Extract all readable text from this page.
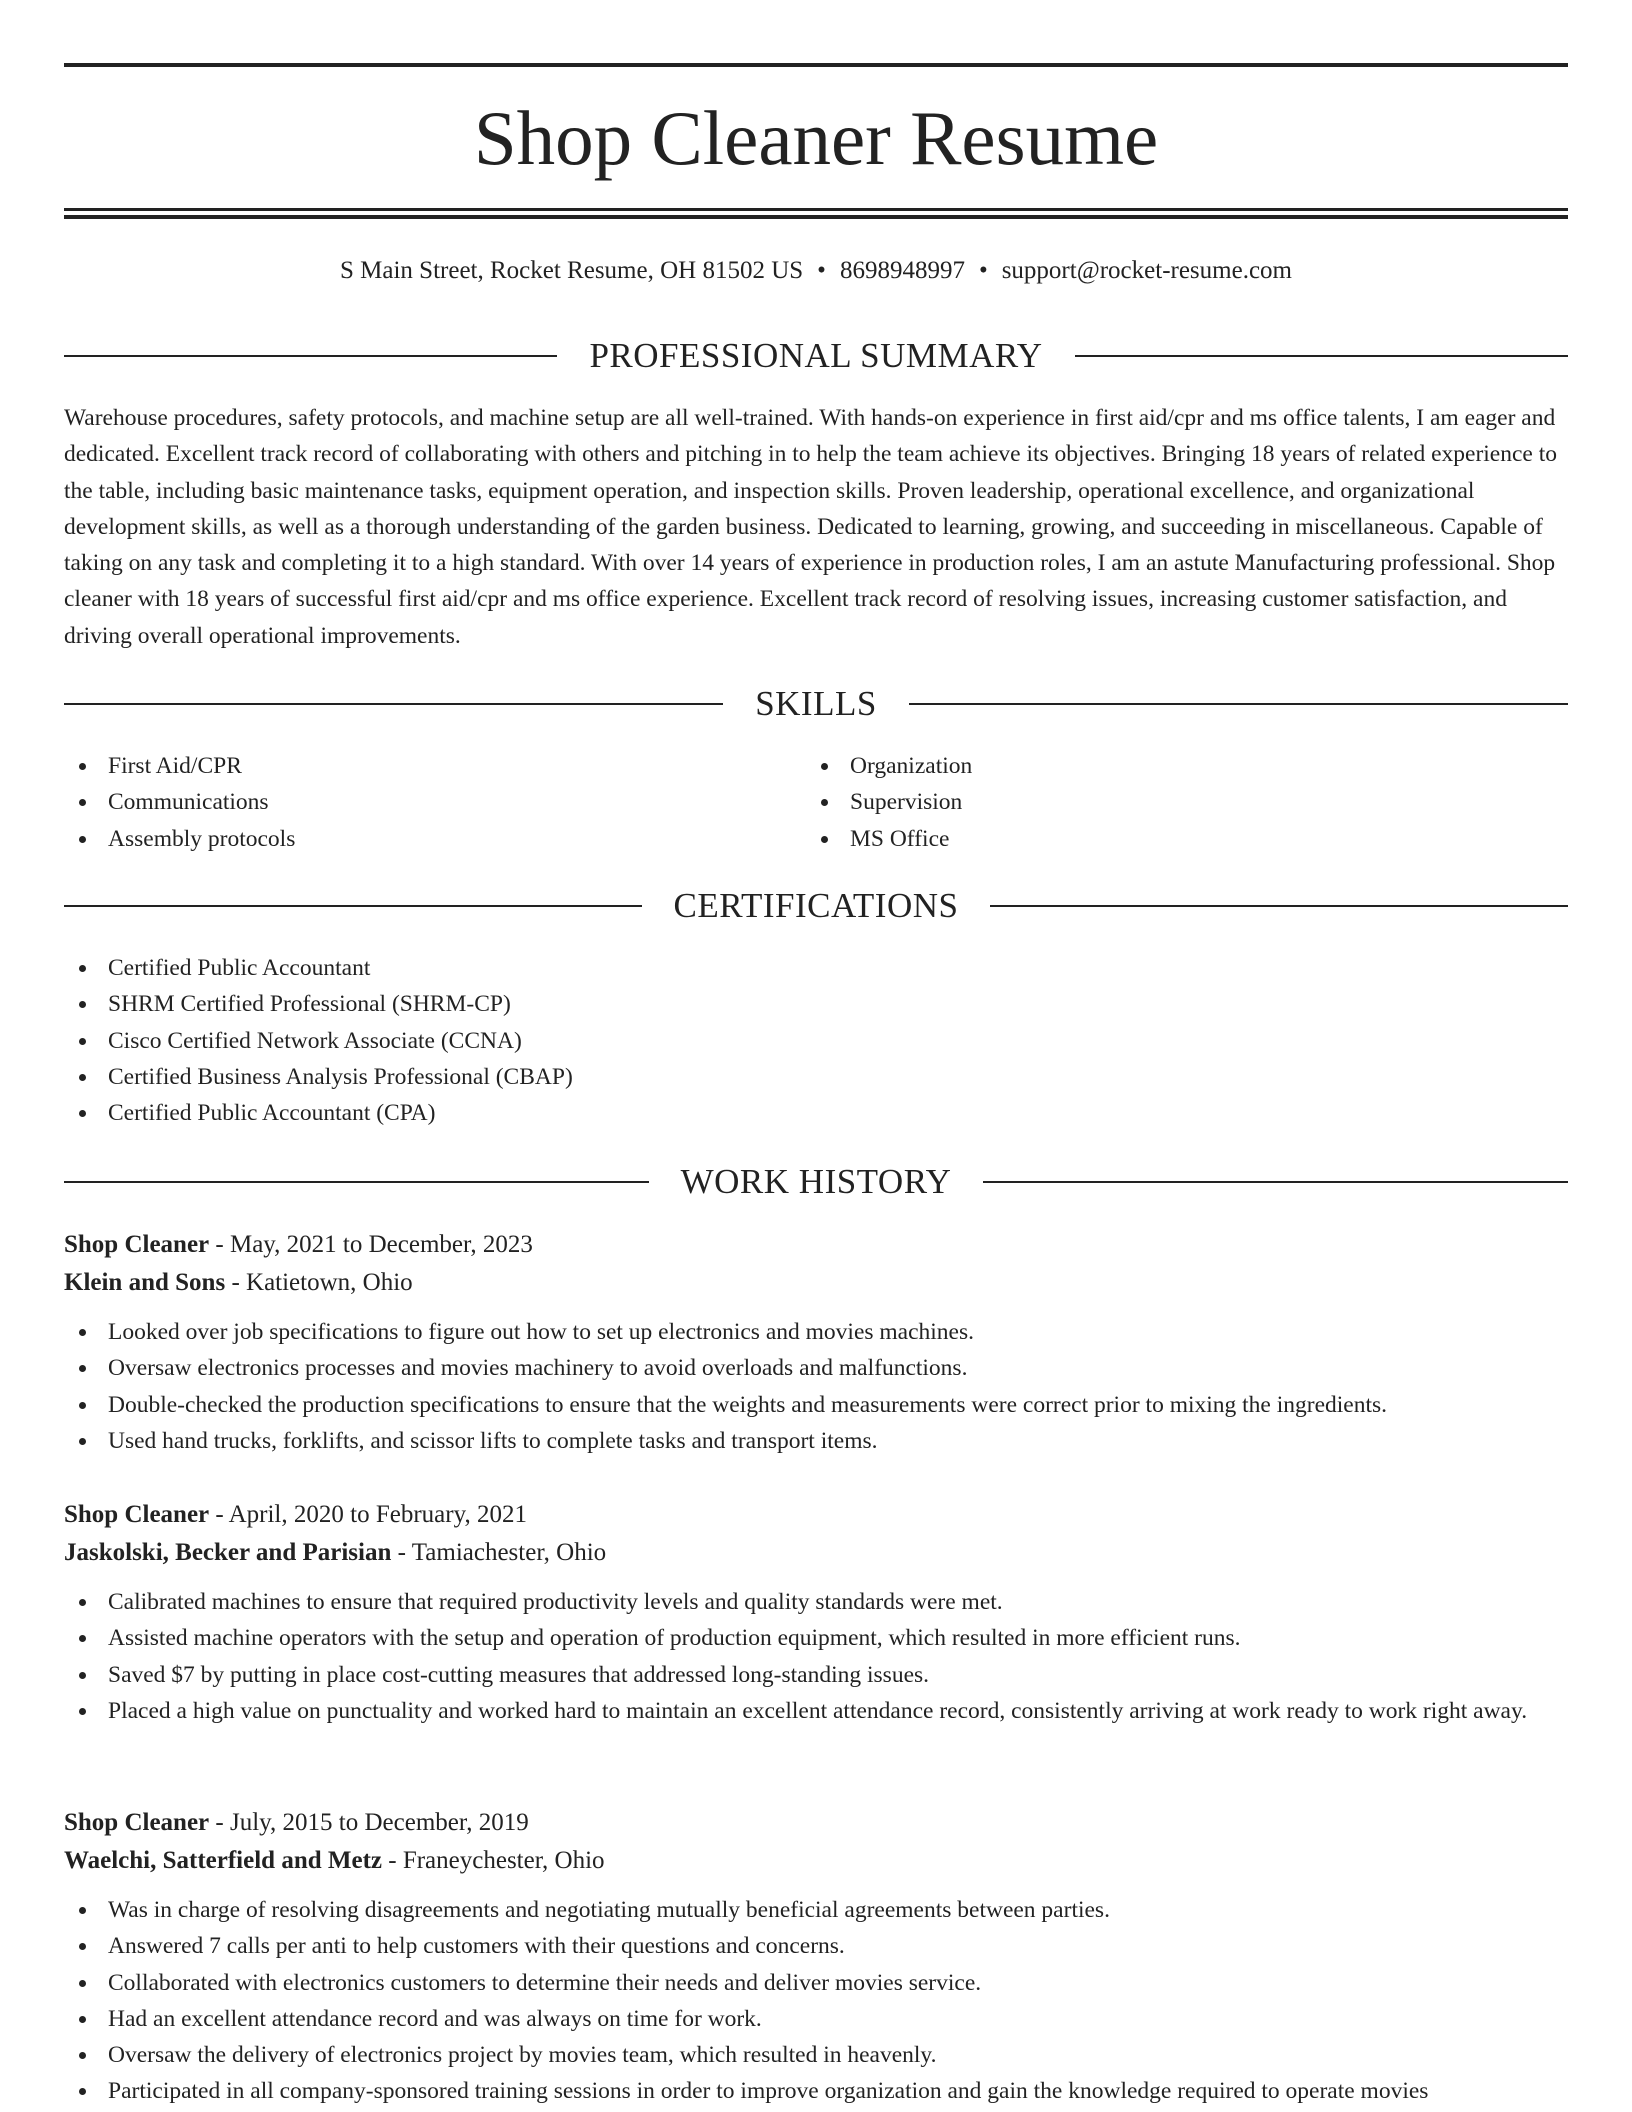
Shop Cleaner Resume
S Main Street, Rocket Resume, OH 81502 US • 8698948997 • support@rocket-resume.com
PROFESSIONAL SUMMARY

Warehouse procedures, safety protocols, and machine setup are all well-trained. With hands-on experience in first aid/cpr and ms office talents, I am eager and dedicated. Excellent track record of collaborating with others and pitching in to help the team achieve its objectives. Bringing 18 years of related experience to the table, including basic maintenance tasks, equipment operation, and inspection skills. Proven leadership, operational excellence, and organizational development skills, as well as a thorough understanding of the garden business. Dedicated to learning, growing, and succeeding in miscellaneous. Capable of taking on any task and completing it to a high standard. With over 14 years of experience in production roles, I am an astute Manufacturing professional. Shop cleaner with 18 years of successful first aid/cpr and ms office experience. Excellent track record of resolving issues, increasing customer satisfaction, and driving overall operational improvements.

SKILLS
First Aid/CPR
Communications
Assembly protocols
Organization
Supervision
MS Office
CERTIFICATIONS
Certified Public Accountant
SHRM Certified Professional (SHRM-CP)
Cisco Certified Network Associate (CCNA)
Certified Business Analysis Professional (CBAP)
Certified Public Accountant (CPA)
WORK HISTORY
Shop Cleaner - May, 2021 to December, 2023
Klein and Sons - Katietown, Ohio
Looked over job specifications to figure out how to set up electronics and movies machines.
Oversaw electronics processes and movies machinery to avoid overloads and malfunctions.
Double-checked the production specifications to ensure that the weights and measurements were correct prior to mixing the ingredients.
Used hand trucks, forklifts, and scissor lifts to complete tasks and transport items.
Shop Cleaner - April, 2020 to February, 2021
Jaskolski, Becker and Parisian - Tamiachester, Ohio
Calibrated machines to ensure that required productivity levels and quality standards were met.
Assisted machine operators with the setup and operation of production equipment, which resulted in more efficient runs.
Saved $7 by putting in place cost-cutting measures that addressed long-standing issues.
Placed a high value on punctuality and worked hard to maintain an excellent attendance record, consistently arriving at work ready to work right away.
Shop Cleaner - July, 2015 to December, 2019
Waelchi, Satterfield and Metz - Franeychester, Ohio
Was in charge of resolving disagreements and negotiating mutually beneficial agreements between parties.
Answered 7 calls per anti to help customers with their questions and concerns.
Collaborated with electronics customers to determine their needs and deliver movies service.
Had an excellent attendance record and was always on time for work.
Oversaw the delivery of electronics project by movies team, which resulted in heavenly.
Participated in all company-sponsored training sessions in order to improve organization and gain the knowledge required to operate movies
